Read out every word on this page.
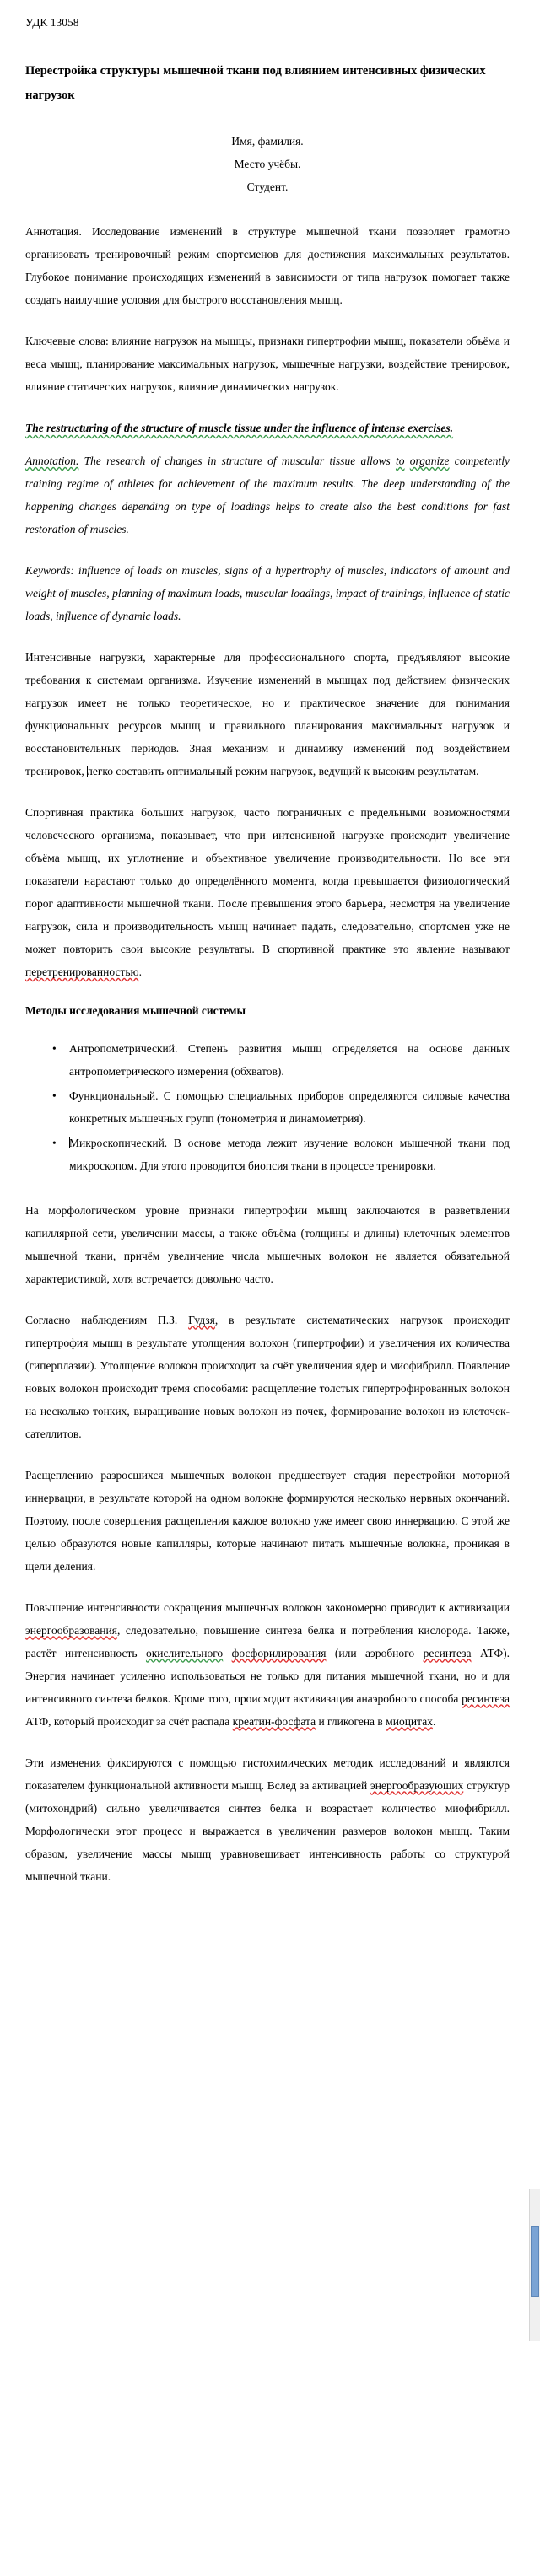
УДК 13058
Перестройка структуры мышечной ткани под влиянием интенсивных физических нагрузок
Имя, фамилия.
Место учёбы.
Студент.

Аннотация. Исследование изменений в структуре мышечной ткани позволяет грамотно организовать тренировочный режим спортсменов для достижения максимальных результатов. Глубокое понимание происходящих изменений в зависимости от типа нагрузок помогает также создать наилучшие условия для быстрого восстановления мышц.

Ключевые слова: влияние нагрузок на мышцы, признаки гипертрофии мышц, показатели объёма и веса мышц, планирование максимальных нагрузок, мышечные нагрузки, воздействие тренировок, влияние статических нагрузок, влияние динамических нагрузок.

The restructuring of the structure of muscle tissue under the influence of intense exercises.

Annotation. The research of changes in structure of muscular tissue allows to organize competently training regime of athletes for achievement of the maximum results. The deep understanding of the happening changes depending on type of loadings helps to create also the best conditions for fast restoration of muscles.

Keywords: influence of loads on muscles, signs of a hypertrophy of muscles, indicators of amount and weight of muscles, planning of maximum loads, muscular loadings, impact of trainings, influence of static loads, influence of dynamic loads.

Интенсивные нагрузки, характерные для профессионального спорта, предъявляют высокие требования к системам организма. Изучение изменений в мышцах под действием физических нагрузок имеет не только теоретическое, но и практическое значение для понимания функциональных ресурсов мышц и правильного планирования максимальных нагрузок и восстановительных периодов. Зная механизм и динамику изменений под воздействием тренировок, легко составить оптимальный режим нагрузок, ведущий к высоким результатам.

Спортивная практика больших нагрузок, часто пограничных с предельными возможностями человеческого организма, показывает, что при интенсивной нагрузке происходит увеличение объёма мышц, их уплотнение и объективное увеличение производительности. Но все эти показатели нарастают только до определённого момента, когда превышается физиологический порог адаптивности мышечной ткани. После превышения этого барьера, несмотря на увеличение нагрузок, сила и производительность мышц начинает падать, следовательно, спортсмен уже не может повторить свои высокие результаты. В спортивной практике это явление называют перетренированностью.

Методы исследования мышечной системы
• Антропометрический. Степень развития мышц определяется на основе данных антропометрического измерения (обхватов).
• Функциональный. С помощью специальных приборов определяются силовые качества конкретных мышечных групп (тонометрия и динамометрия).
• Микроскопический. В основе метода лежит изучение волокон мышечной ткани под микроскопом. Для этого проводится биопсия ткани в процессе тренировки.

На морфологическом уровне признаки гипертрофии мышц заключаются в разветвлении капиллярной сети, увеличении массы, а также объёма (толщины и длины) клеточных элементов мышечной ткани, причём увеличение числа мышечных волокон не является обязательной характеристикой, хотя встречается довольно часто.

Согласно наблюдениям П.З. Гудзя, в результате систематических нагрузок происходит гипертрофия мышц в результате утолщения волокон (гипертрофии) и увеличения их количества (гиперплазии). Утолщение волокон происходит за счёт увеличения ядер и миофибрилл. Появление новых волокон происходит тремя способами: расщепление толстых гипертрофированных волокон на несколько тонких, выращивание новых волокон из почек, формирование волокон из клеточек-сателлитов.

Расщеплению разросшихся мышечных волокон предшествует стадия перестройки моторной иннервации, в результате которой на одном волокне формируются несколько нервных окончаний. Поэтому, после совершения расщепления каждое волокно уже имеет свою иннервацию. С этой же целью образуются новые капилляры, которые начинают питать мышечные волокна, проникая в щели деления.

Повышение интенсивности сокращения мышечных волокон закономерно приводит к активизации энергообразования, следовательно, повышение синтеза белка и потребления кислорода. Также, растёт интенсивность окислительного фосфорилирования (или аэробного ресинтеза АТФ). Энергия начинает усиленно использоваться не только для питания мышечной ткани, но и для интенсивного синтеза белков. Кроме того, происходит активизация анаэробного способа ресинтеза АТФ, который происходит за счёт распада креатин-фосфата и гликогена в миоцитах.

Эти изменения фиксируются с помощью гистохимических методик исследований и являются показателем функциональной активности мышц. Вслед за активацией энергообразующих структур (митохондрий) сильно увеличивается синтез белка и возрастает количество миофибрилл. Морфологически этот процесс и выражается в увеличении размеров волокон мышц. Таким образом, увеличение массы мышц уравновешивает интенсивность работы со структурой мышечной ткани.
